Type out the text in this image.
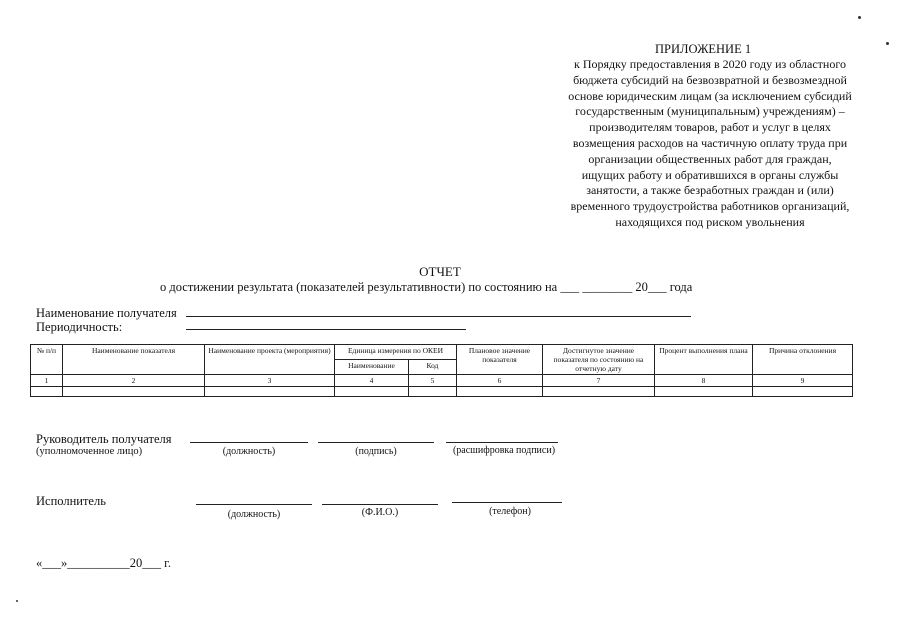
ПРИЛОЖЕНИЕ 1
к Порядку предоставления в 2020 году из областного
бюджета субсидий на безвозвратной и безвозмездной
основе юридическим лицам (за исключением субсидий
государственным (муниципальным) учреждениям) –
производителям товаров, работ и услуг в целях
возмещения расходов на частичную оплату труда при
организации общественных работ для граждан,
ищущих работу и обратившихся в органы службы
занятости, а также безработных граждан и (или)
временного трудоустройства работников организаций,
находящихся под риском увольнения
ОТЧЕТ
о достижении результата (показателей результативности) по состоянию на ___ ________ 20___ года
Наименование получателя
Периодичность:
№ п/п	Наименование показателя	Наименование проекта (мероприятия)	Единица измерения по ОКЕИ		Плановое значение показателя	Достигнутое значение показателя по состоянию на отчетную дату	Процент выполнения плана	Причина отклонения
			Наименование	Код				
1	2	3	4	5	6	7	8	9

Руководитель получателя
(уполномоченное лицо)	(должность)	(подпись)	(расшифровка подписи)
Исполнитель
(должность)	(Ф.И.О.)	(телефон)
«___»__________20___ г.
